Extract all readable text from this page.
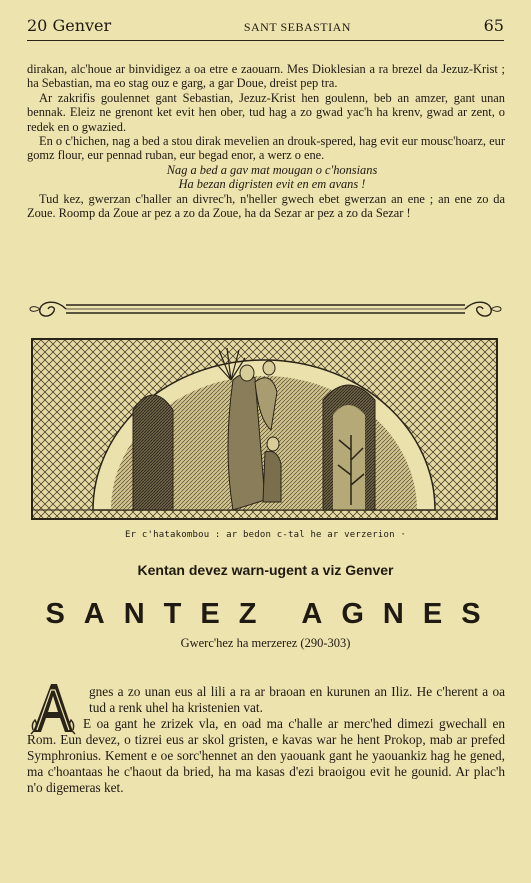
20 Genver	SANT SEBASTIAN	65

dirakan, alc'houe ar binvidigez a oa etre e zaouarn. Mes Dioklesian a ra brezel da Jezuz-Krist ; ha Sebastian, ma eo stag ouz e garg, a gar Doue, dreist pep tra.

Ar zakrifis goulennet gant Sebastian, Jezuz-Krist hen goulenn, beb an amzer, gant unan bennak. Eleiz ne grenont ket evit hen ober, tud hag a zo gwad yac'h ha krenv, gwad ar zent, o redek en o gwazied.

En o c'hichen, nag a bed a stou dirak mevelien an drouk-spered, hag evit eur mousc'hoarz, eur gomz flour, eur pennad ruban, eur begad enor, a werz o ene.

Nag a bed a gav mat mougan o c'honsians

Ha bezan digristen evit en em avans !

Tud kez, gwerzan c'haller an divrec'h, n'heller gwech ebet gwerzan an ene ; an ene zo da Zoue. Roomp da Zoue ar pez a zo da Zoue, ha da Sezar ar pez a zo da Sezar !

Er c'hatakombou : ar bedon c-tal he ar verzerion ·
Kentan devez warn-ugent a viz Genver
SANTEZ AGNES
Gwerc'hez ha merzerez (290-303)

gnes a zo unan eus al lili a ra ar braoan en kurunen an Iliz. He c'herent a oa tud a renk uhel ha kristenien vat.

E oa gant he zrizek vla, en oad ma c'halle ar merc'hed dimezi gwechall en Rom. Eun devez, o tizrei eus ar skol gristen, e kavas war he hent Prokop, mab ar prefed Symphronius. Kement e oe sorc'hennet an den yaouank gant he yaouankiz hag he gened, ma c'hoantaas he c'haout da bried, ha ma kasas d'ezi braoigou evit he gounid. Ar plac'h n'o digemeras ket.
